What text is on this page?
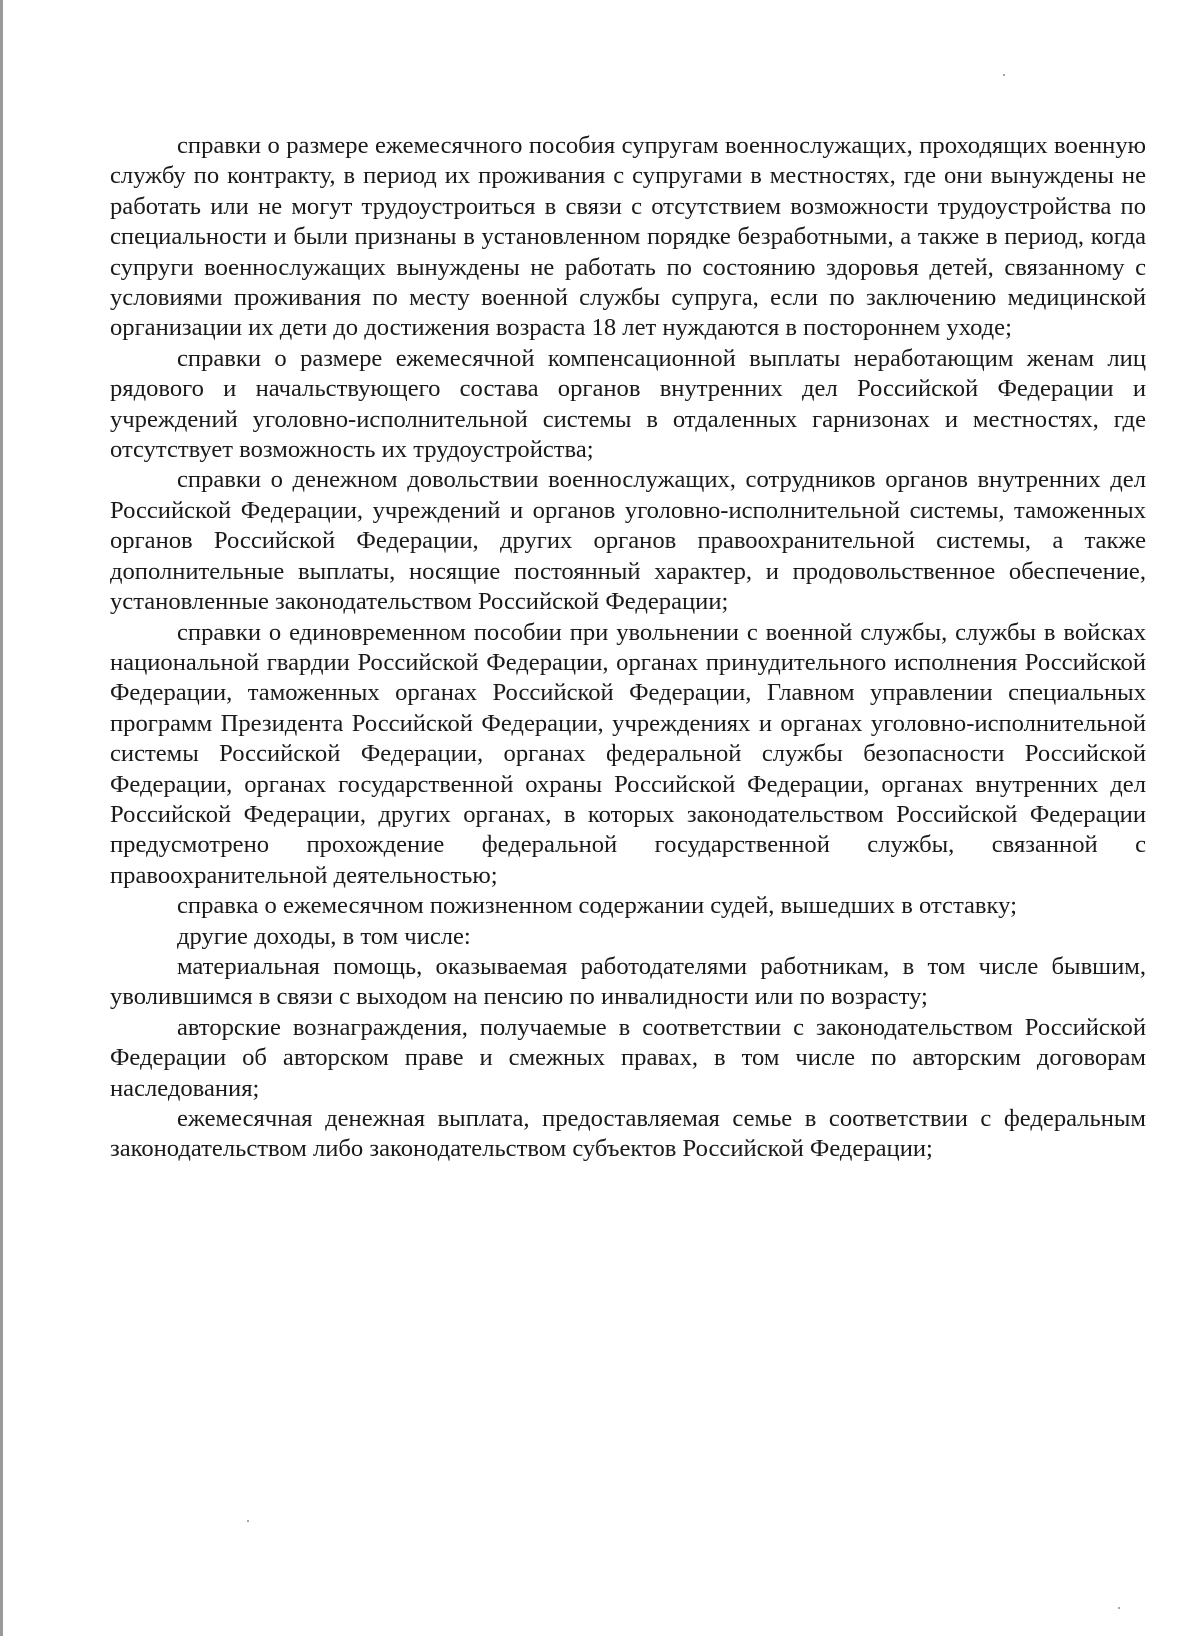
справки о размере ежемесячного пособия супругам военнослужащих, проходящих военную службу по контракту, в период их проживания с супругами в местностях, где они вынуждены не работать или не могут трудоустроиться в связи с отсутствием возможности трудоустройства по специальности и были признаны в установленном порядке безработными, а также в период, когда супруги военнослужащих вынуждены не работать по состоянию здоровья детей, связанному с условиями проживания по месту военной службы супруга, если по заключению медицинской организации их дети до достижения возраста 18 лет нуждаются в постороннем уходе;

справки о размере ежемесячной компенсационной выплаты неработающим женам лиц рядового и начальствующего состава органов внутренних дел Российской Федерации и учреждений уголовно-исполнительной системы в отдаленных гарнизонах и местностях, где отсутствует возможность их трудоустройства;

справки о денежном довольствии военнослужащих, сотрудников органов внутренних дел Российской Федерации, учреждений и органов уголовно-исполнительной системы, таможенных органов Российской Федерации, других органов правоохранительной системы, а также дополнительные выплаты, носящие постоянный характер, и продовольственное обеспечение, установленные законодательством Российской Федерации;

справки о единовременном пособии при увольнении с военной службы, службы в войсках национальной гвардии Российской Федерации, органах принудительного исполнения Российской Федерации, таможенных органах Российской Федерации, Главном управлении специальных программ Президента Российской Федерации, учреждениях и органах уголовно-исполнительной системы Российской Федерации, органах федеральной службы безопасности Российской Федерации, органах государственной охраны Российской Федерации, органах внутренних дел Российской Федерации, других органах, в которых законодательством Российской Федерации предусмотрено прохождение федеральной государственной службы, связанной с правоохранительной деятельностью;

справка о ежемесячном пожизненном содержании судей, вышедших в отставку;

другие доходы, в том числе:

материальная помощь, оказываемая работодателями работникам, в том числе бывшим, уволившимся в связи с выходом на пенсию по инвалидности или по возрасту;

авторские вознаграждения, получаемые в соответствии с законодательством Российской Федерации об авторском праве и смежных правах, в том числе по авторским договорам наследования;

ежемесячная денежная выплата, предоставляемая семье в соответствии с федеральным законодательством либо законодательством субъектов Российской Федерации;
